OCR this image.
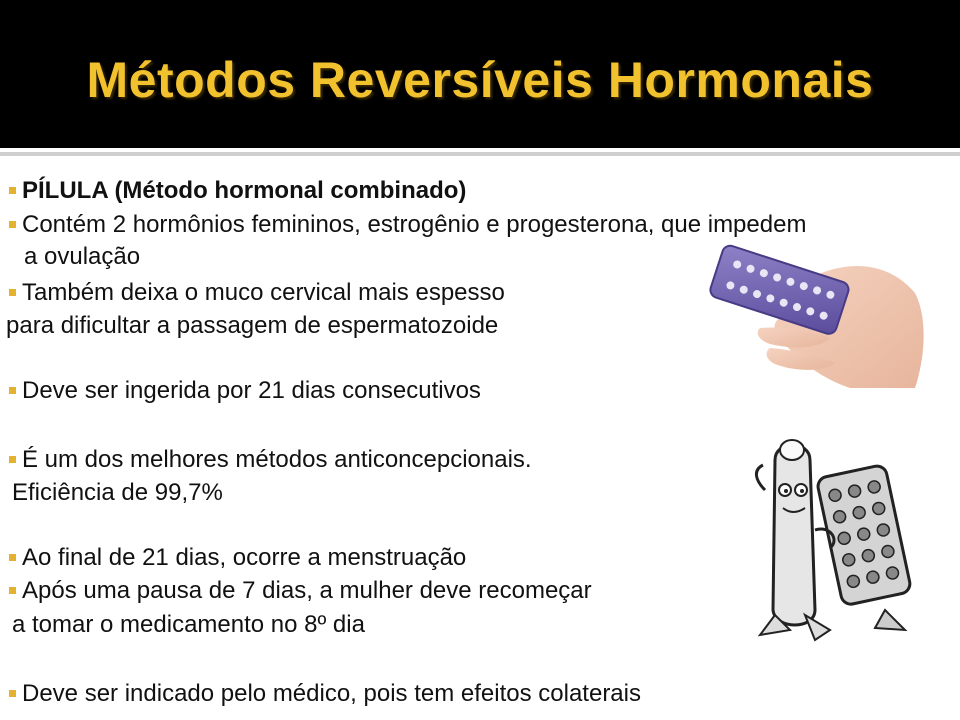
Métodos Reversíveis Hormonais
PÍLULA (Método hormonal combinado)
Contém 2 hormônios femininos, estrogênio e progesterona, que impedem
a ovulação
Também deixa o muco cervical mais espesso
para dificultar a passagem de espermatozoide
Deve ser ingerida por 21 dias consecutivos
É um dos melhores métodos anticoncepcionais.
Eficiência de 99,7%
Ao final de 21 dias, ocorre a menstruação
Após uma pausa de 7 dias, a mulher deve recomeçar
a tomar o medicamento no 8º dia
Deve ser indicado pelo médico, pois tem efeitos colaterais
